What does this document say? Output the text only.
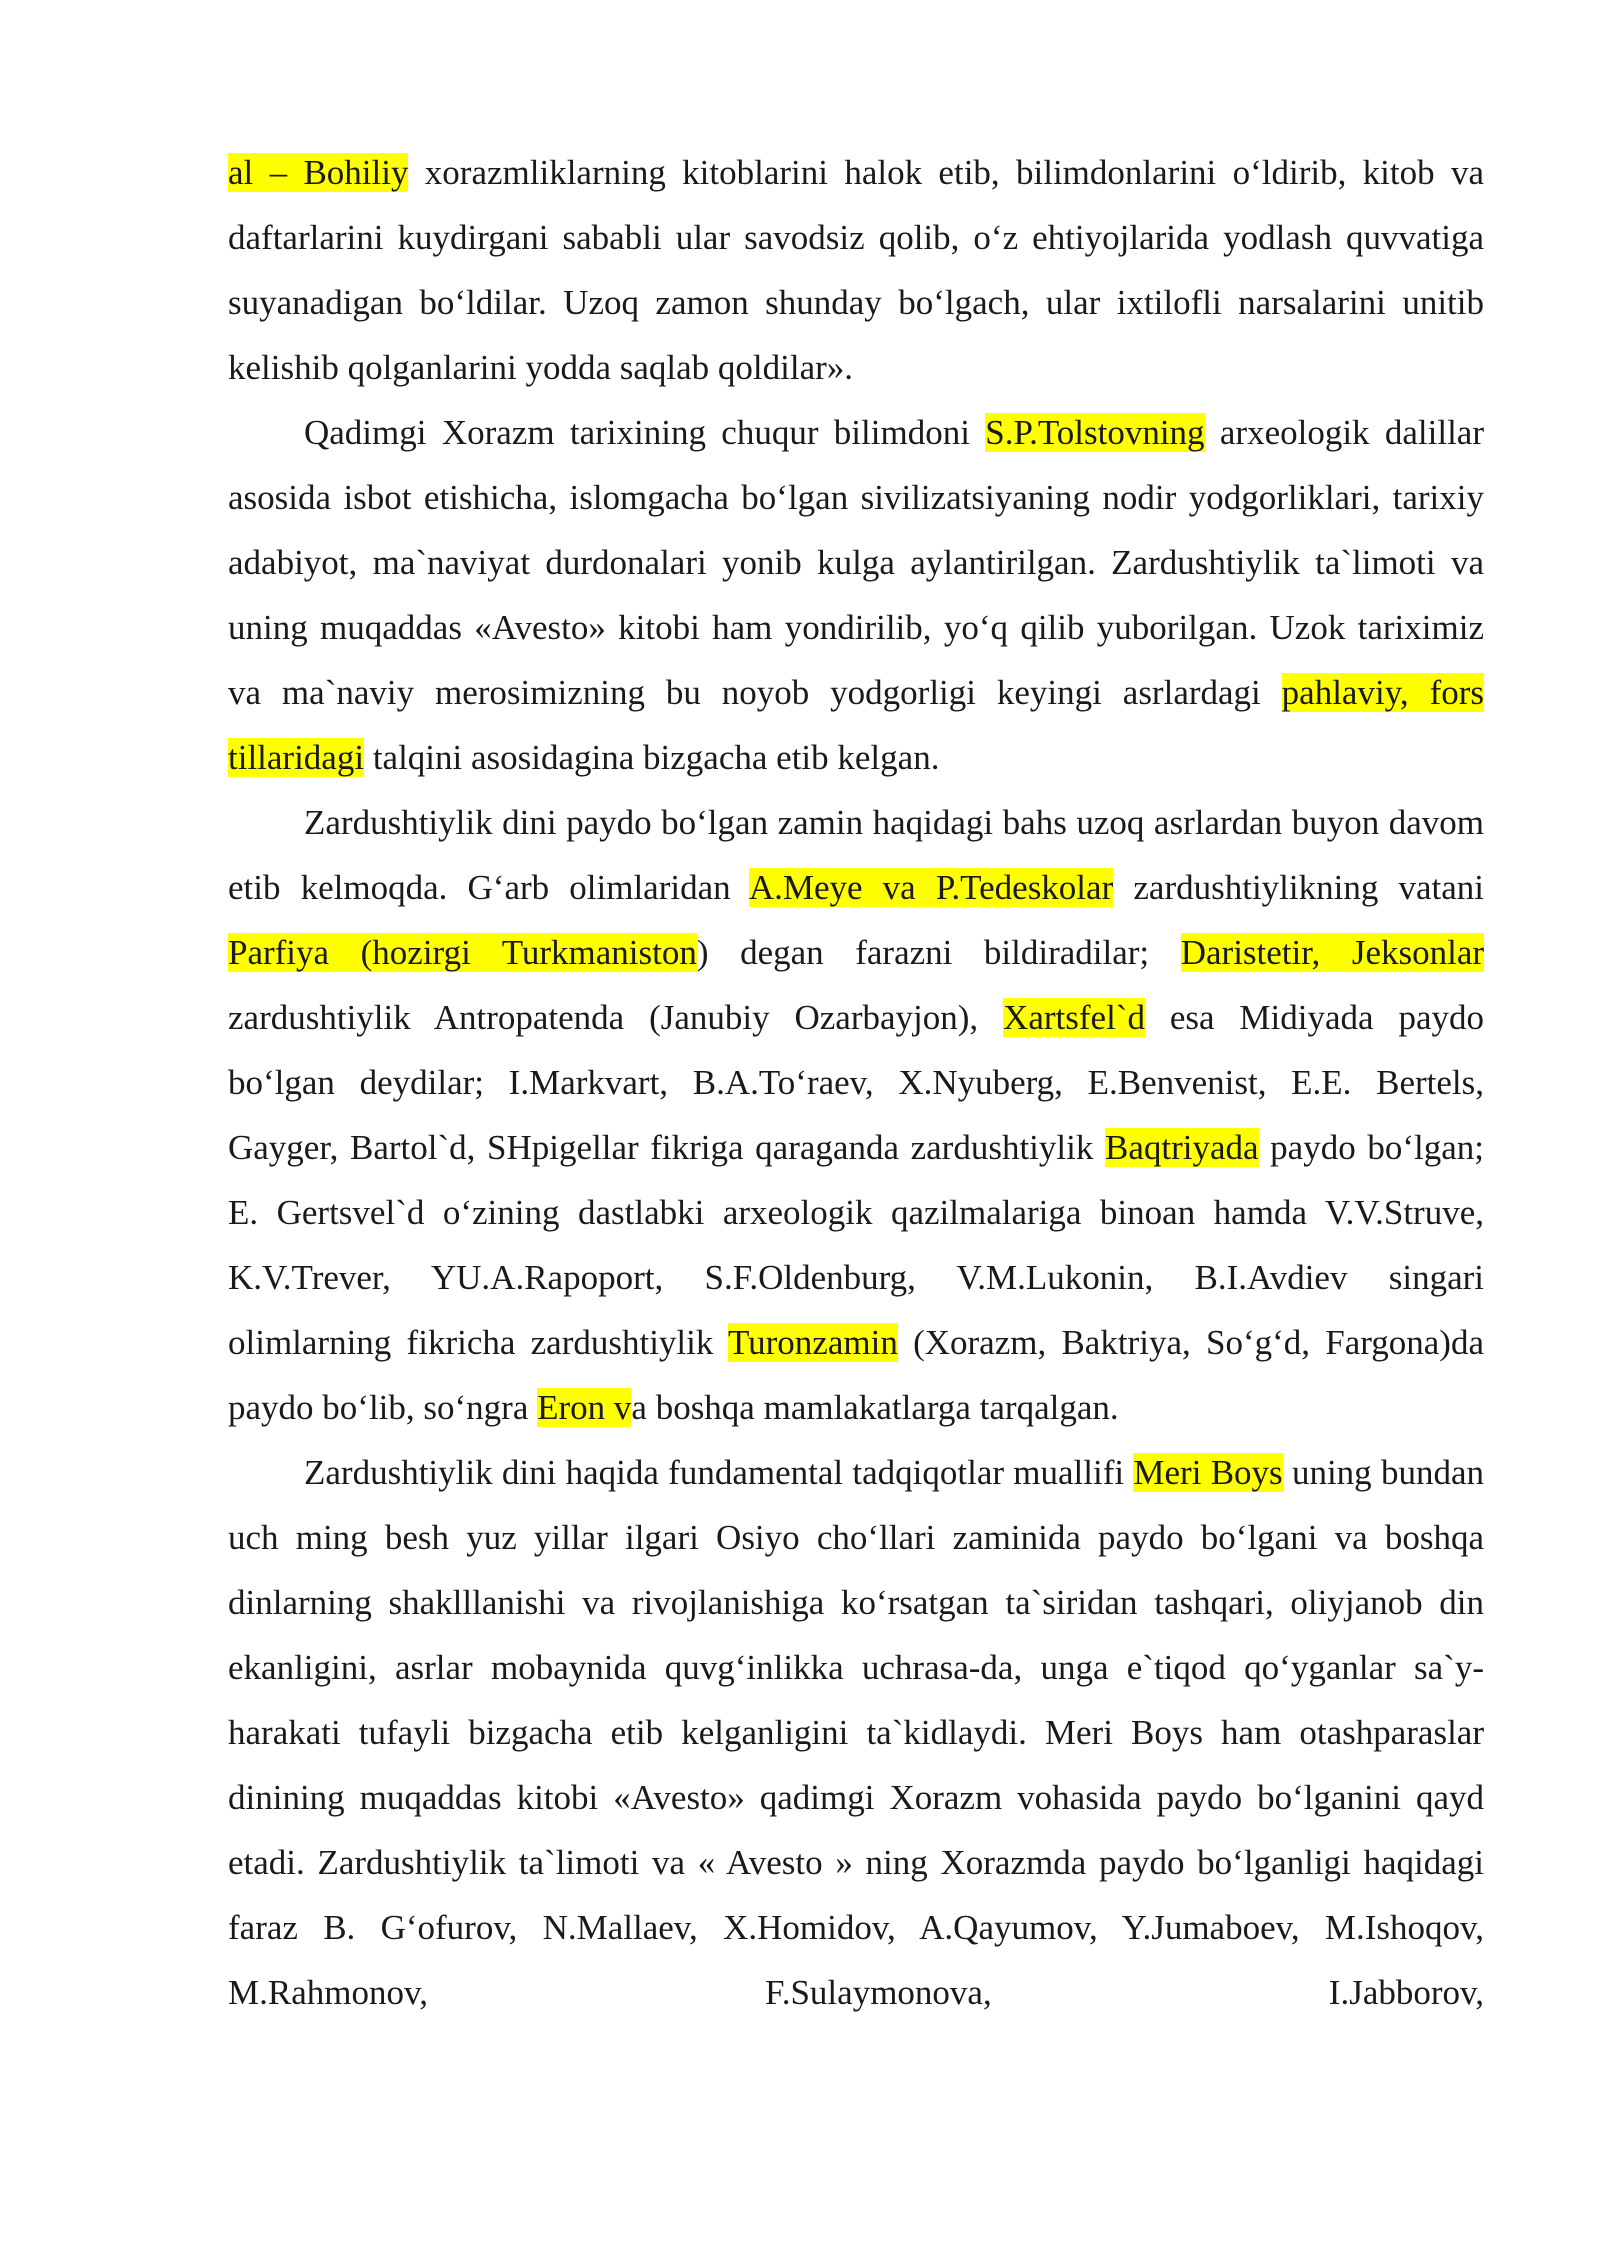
al – Bohiliy xorazmliklarning kitoblarini halok etib, bilimdonlarini o‘ldirib, kitob va daftarlarini kuydirgani sababli ular savodsiz qolib, o‘z ehtiyojlarida yodlash quvvatiga suyanadigan bo‘ldilar. Uzoq zamon shunday bo‘lgach, ular ixtilofli narsalarini unitib kelishib qolganlarini yodda saqlab qoldilar».

Qadimgi Xorazm tarixining chuqur bilimdoni S.P.Tolstovning arxeologik dalillar asosida isbot etishicha, islomgacha bo‘lgan sivilizatsiyaning nodir yodgorliklari, tarixiy adabiyot, ma`naviyat durdonalari yonib kulga aylantirilgan. Zardushtiylik ta`limoti va uning muqaddas «Avesto» kitobi ham yondirilib, yo‘q qilib yuborilgan. Uzok tariximiz va ma`naviy merosimizning bu noyob yodgorligi keyingi asrlardagi pahlaviy, fors tillaridagi talqini asosidagina bizgacha etib kelgan.

Zardushtiylik dini paydo bo‘lgan zamin haqidagi bahs uzoq asrlardan buyon davom etib kelmoqda. G‘arb olimlaridan A.Meye va P.Tedeskolar zardushtiylikning vatani Parfiya (hozirgi Turkmaniston) degan farazni bildiradilar; Daristetir, Jeksonlar zardushtiylik Antropatenda (Janubiy Ozarbayjon), Xartsfel`d esa Midiyada paydo bo‘lgan deydilar; I.Markvart, B.A.To‘raev, X.Nyuberg, E.Benvenist, E.E. Bertels, Gayger, Bartol`d, SHpigellar fikriga qaraganda zardushtiylik Baqtriyada paydo bo‘lgan; E. Gertsvel`d o‘zining dastlabki arxeologik qazilmalariga binoan hamda V.V.Struve, K.V.Trever, YU.A.Rapoport, S.F.Oldenburg, V.M.Lukonin, B.I.Avdiev singari olimlarning fikricha zardushtiylik Turonzamin (Xorazm, Baktriya, So‘g‘d, Fargona)da paydo bo‘lib, so‘ngra Eron va boshqa mamlakatlarga tarqalgan.

Zardushtiylik dini haqida fundamental tadqiqotlar muallifi Meri Boys uning bundan uch ming besh yuz yillar ilgari Osiyo cho‘llari zaminida paydo bo‘lgani va boshqa dinlarning shaklllanishi va rivojlanishiga ko‘rsatgan ta`siridan tashqari, oliyjanob din ekanligini, asrlar mobaynida quvg‘inlikka uchrasa-da, unga e`tiqod qo‘yganlar sa`y-harakati tufayli bizgacha etib kelganligini ta`kidlaydi. Meri Boys ham otashparaslar dinining muqaddas kitobi «Avesto» qadimgi Xorazm vohasida paydo bo‘lganini qayd etadi. Zardushtiylik ta`limoti va « Avesto » ning Xorazmda paydo bo‘lganligi haqidagi faraz B. G‘ofurov, N.Mallaev, X.Homidov, A.Qayumov, Y.Jumaboev, M.Ishoqov, M.Rahmonov, F.Sulaymonova, I.Jabborov,
